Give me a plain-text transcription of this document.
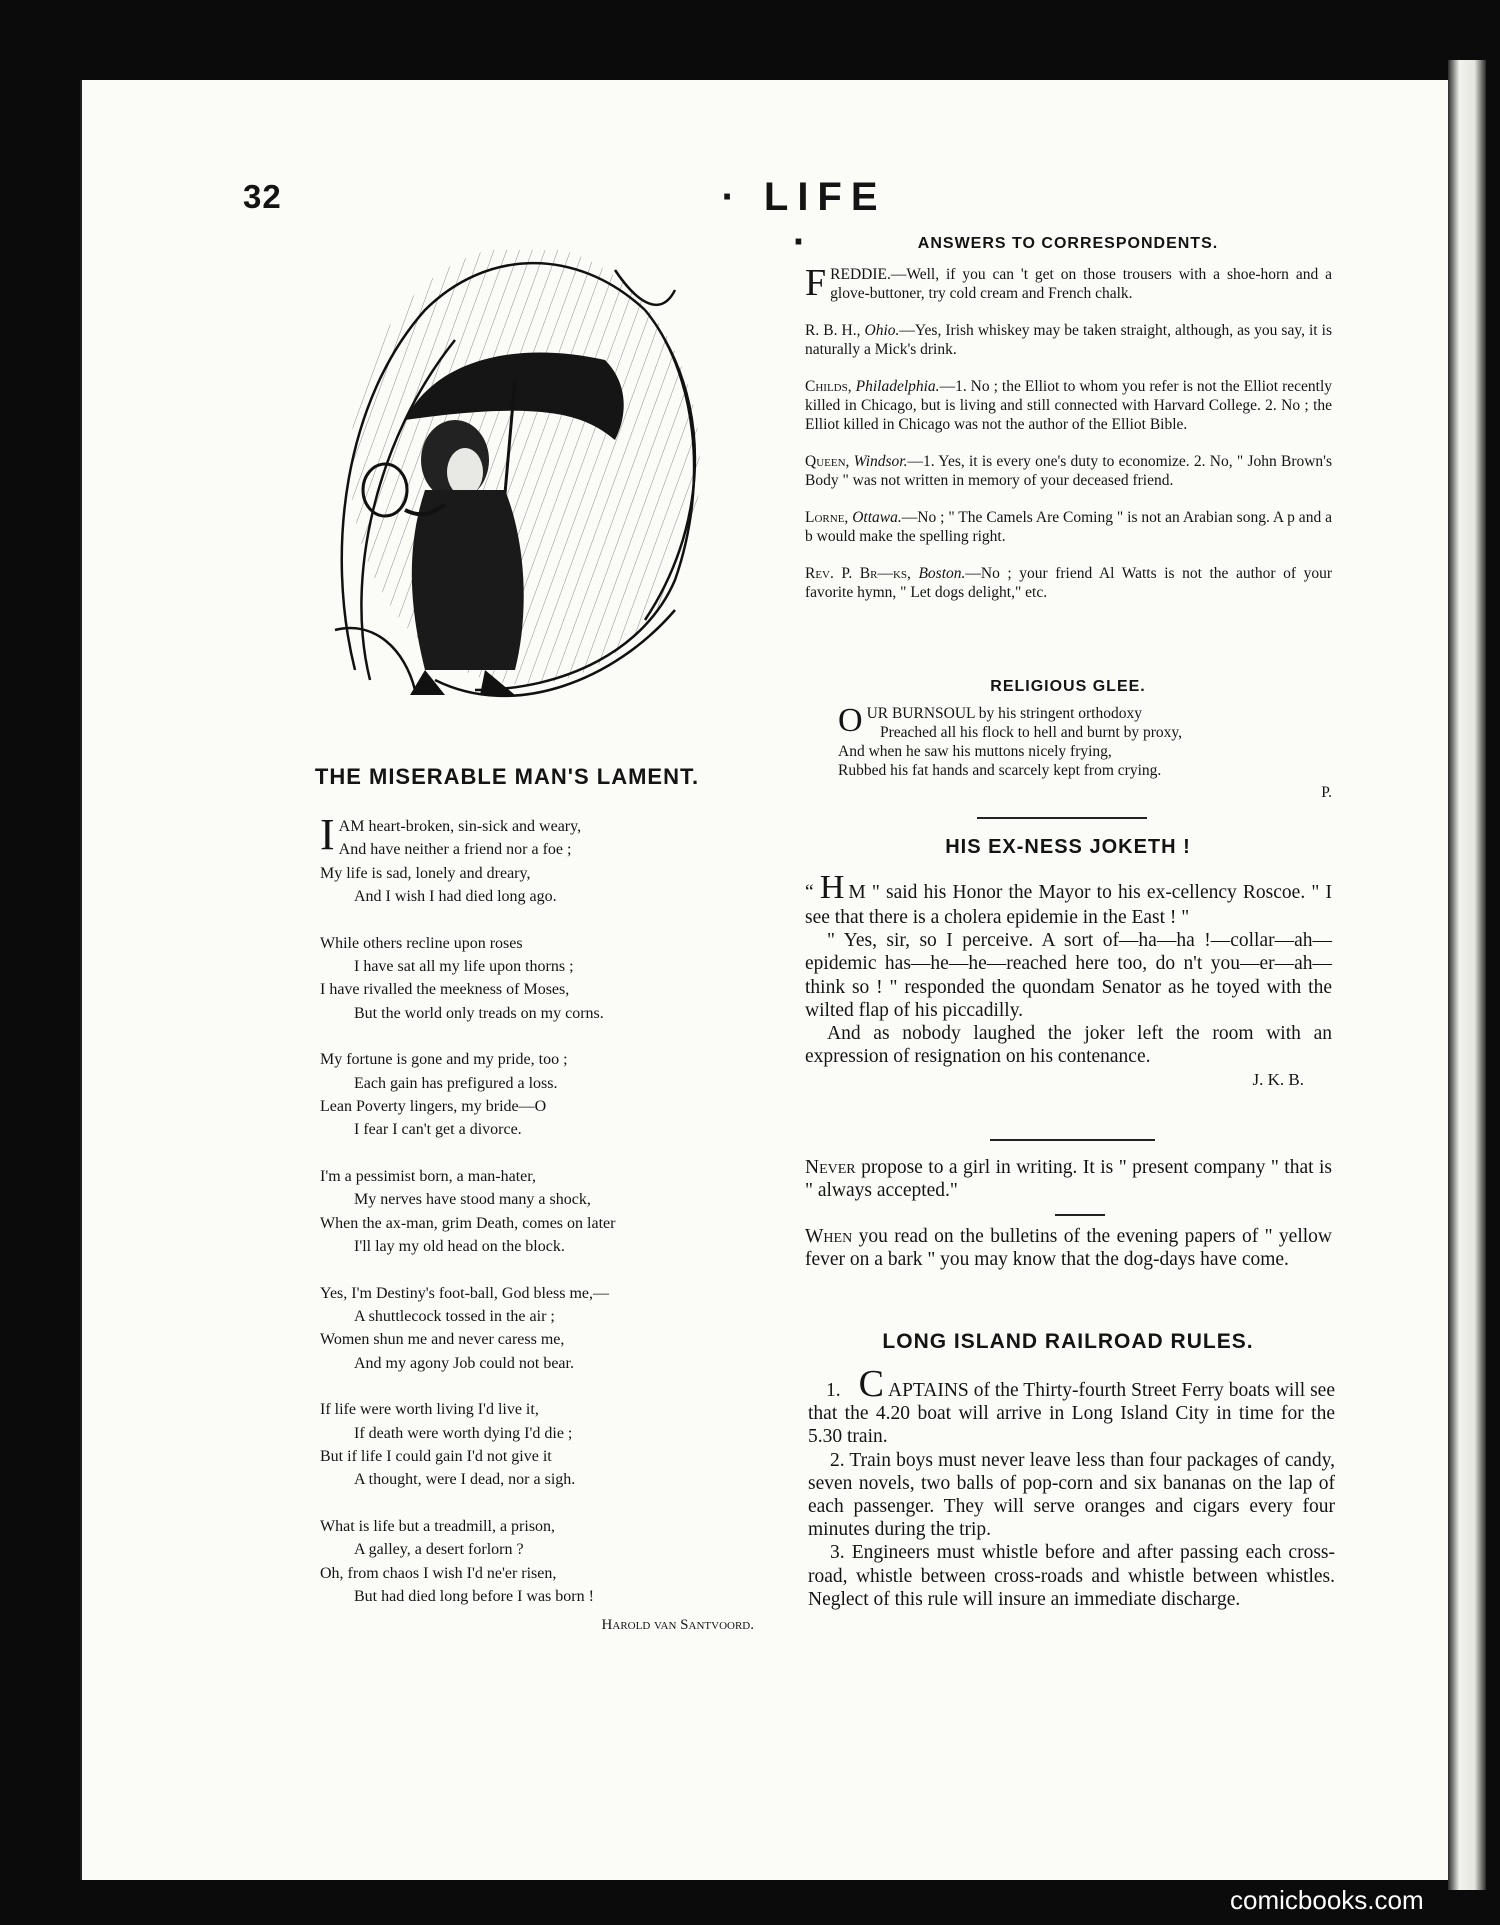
32	· LIFE ·
THE MISERABLE MAN'S LAMENT.
I AM heart-broken, sin-sick and weary,
And have neither a friend nor a foe ;
My life is sad, lonely and dreary,
And I wish I had died long ago.
While others recline upon roses
I have sat all my life upon thorns ;
I have rivalled the meekness of Moses,
But the world only treads on my corns.
My fortune is gone and my pride, too ;
Each gain has prefigured a loss.
Lean Poverty lingers, my bride—O
I fear I can't get a divorce.
I'm a pessimist born, a man-hater,
My nerves have stood many a shock,
When the ax-man, grim Death, comes on later
I'll lay my old head on the block.
Yes, I'm Destiny's foot-ball, God bless me,—
A shuttlecock tossed in the air ;
Women shun me and never caress me,
And my agony Job could not bear.
If life were worth living I'd live it,
If death were worth dying I'd die ;
But if life I could gain I'd not give it
A thought, were I dead, nor a sigh.
What is life but a treadmill, a prison,
A galley, a desert forlorn ?
Oh, from chaos I wish I'd ne'er risen,
But had died long before I was born !
Harold van Santvoord.
ANSWERS TO CORRESPONDENTS.

FREDDIE.—Well, if you can 't get on those trousers with a shoe-horn and a glove-buttoner, try cold cream and French chalk.

R. B. H., Ohio.—Yes, Irish whiskey may be taken straight, although, as you say, it is naturally a Mick's drink.

Childs, Philadelphia.—1. No ; the Elliot to whom you refer is not the Elliot recently killed in Chicago, but is living and still connected with Harvard College. 2. No ; the Elliot killed in Chicago was not the author of the Elliot Bible.

Queen, Windsor.—1. Yes, it is every one's duty to economize. 2. No, " John Brown's Body " was not written in memory of your deceased friend.

Lorne, Ottawa.—No ; " The Camels Are Coming " is not an Arabian song. A p and a b would make the spelling right.

Rev. P. Br—ks, Boston.—No ; your friend Al Watts is not the author of your favorite hymn, " Let dogs delight," etc.

RELIGIOUS GLEE.
O UR BURNSOUL by his stringent orthodoxy
Preached all his flock to hell and burnt by proxy,
And when he saw his muttons nicely frying,
Rubbed his fat hands and scarcely kept from crying.
P.
HIS EX-NESS JOKETH !

“ H M " said his Honor the Mayor to his ex-cellency Roscoe. " I see that there is a cholera epidemie in the East ! "

" Yes, sir, so I perceive. A sort of—ha—ha !—collar—ah—epidemic has—he—he—reached here too, do n't you—er—ah—think so ! " responded the quondam Senator as he toyed with the wilted flap of his piccadilly.

And as nobody laughed the joker left the room with an expression of resignation on his contenance.

J. K. B.

Never propose to a girl in writing. It is " present company " that is " always accepted."
When you read on the bulletins of the evening papers of " yellow fever on a bark " you may know that the dog-days have come.
LONG ISLAND RAILROAD RULES.

1. C APTAINS of the Thirty-fourth Street Ferry boats will see that the 4.20 boat will arrive in Long Island City in time for the 5.30 train.

2. Train boys must never leave less than four packages of candy, seven novels, two balls of pop-corn and six bananas on the lap of each passenger. They will serve oranges and cigars every four minutes during the trip.

3. Engineers must whistle before and after passing each cross-road, whistle between cross-roads and whistle between whistles. Neglect of this rule will insure an immediate discharge.

comicbooks.com
